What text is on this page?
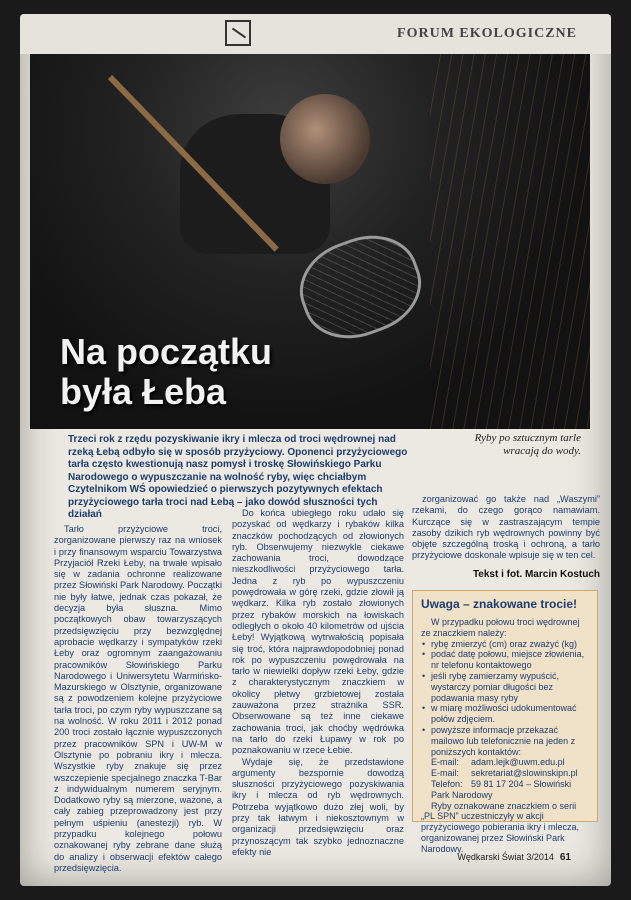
FORUM EKOLOGICZNE
Na początku
była Łeba

Trzeci rok z rzędu pozyskiwanie ikry i mlecza od troci wędrownej nad rzeką Łebą odbyło się w sposób przyżyciowy. Oponenci przyżyciowego tarła często kwestionują nasz pomysł i troskę Słowińskiego Parku Narodowego o wypuszczanie na wolność ryby, więc chciałbym Czytelnikom WŚ opowiedzieć o pierwszych pozytywnych efektach przyżyciowego tarła troci nad Łebą – jako dowód słuszności tych działań

Ryby po sztucznym tarle
wracają do wody.

Tarło przyżyciowe troci, zorganizowane pierwszy raz na wniosek i przy finansowym wsparciu Towarzystwa Przyjaciół Rzeki Łeby, na trwałe wpisało się w zadania ochronne realizowane przez Słowiński Park Narodowy. Początki nie były łatwe, jednak czas pokazał, że decyzja była słuszna. Mimo początkowych obaw towarzyszących przedsięwzięciu przy bezwzględnej aprobacie wędkarzy i sympatyków rzeki Łeby oraz ogromnym zaangażowaniu pracowników Słowińskiego Parku Narodowego i Uniwersytetu Warmińsko-Mazurskiego w Olsztynie, organizowane są z powodzeniem kolejne przyżyciowe tarła troci, po czym ryby wypuszczane są na wolność. W roku 2011 i 2012 ponad 200 troci zostało łącznie wypuszczonych przez pracowników SPN i UW-M w Olsztynie po pobraniu ikry i mlecza. Wszystkie ryby znakuje się przez wszczepienie specjalnego znaczka T-Bar z indywidualnym numerem seryjnym. Dodatkowo ryby są mierzone, ważone, a cały zabieg przeprowadzony jest przy pełnym uśpieniu (anestezji) ryb. W przypadku kolejnego połowu oznakowanej ryby zebrane dane służą do analizy i obserwacji efektów całego przedsięwzięcia.

Do końca ubiegłego roku udało się pozyskać od wędkarzy i rybaków kilka znaczków pochodzących od złowionych ryb. Obserwujemy niezwykle ciekawe zachowania troci, dowodzące nieszkodliwości przyżyciowego tarła. Jedna z ryb po wypuszczeniu powędrowała w górę rzeki, gdzie złowił ją wędkarz. Kilka ryb zostało złowionych przez rybaków morskich na łowiskach odległych o około 40 kilometrów od ujścia Łeby! Wyjątkową wytrwałością popisała się troć, która najprawdopodobniej ponad rok po wypuszczeniu powędrowała na tarło w niewielki dopływ rzeki Łeby, gdzie z charakterystycznym znaczkiem w okolicy płetwy grzbietowej została zauważona przez strażnika SSR. Obserwowane są też inne ciekawe zachowania troci, jak choćby wędrówka na tarło do rzeki Łupawy w rok po poznakowaniu w rzece Łebie.

Wydaje się, że przedstawione argumenty bezspornie dowodzą słuszności przyżyciowego pozyskiwania ikry i mlecza od ryb wędrownych. Potrzeba wyjątkowo dużo złej woli, by przy tak łatwym i niekosztownym w organizacji przedsięwzięciu oraz przynoszącym tak szybko jednoznaczne efekty nie

zorganizować go także nad „Waszymi” rzekami, do czego gorąco namawiam. Kurczące się w zastraszającym tempie zasoby dzikich ryb wędrownych powinny być objęte szczególną troską i ochroną, a tarło przyżyciowe doskonale wpisuje się w ten cel.

Tekst i fot. Marcin Kostuch
Uwaga – znakowane trocie!

W przypadku połowu troci wędrownej ze znaczkiem należy:

• rybę zmierzyć (cm) oraz zważyć (kg)
• podać datę połowu, miejsce złowienia, nr telefonu kontaktowego
• jeśli rybę zamierzamy wypuścić, wystarczy pomiar długości bez podawania masy ryby
• w miarę możliwości udokumentować połów zdjęciem.
• powyższe informacje przekazać mailowo lub telefonicznie na jeden z poniższych kontaktów:
E-mail: adam.lejk@uwm.edu.pl
E-mail: sekretariat@slowinskipn.pl
Telefon: 59 81 17 204 – Słowiński Park Narodowy

Ryby oznakowane znaczkiem o serii „PL SPN” uczestniczyły w akcji przyżyciowego pobierania ikry i mlecza, organizowanej przez Słowiński Park Narodowy.

Wędkarski Świat 3/2014 61
